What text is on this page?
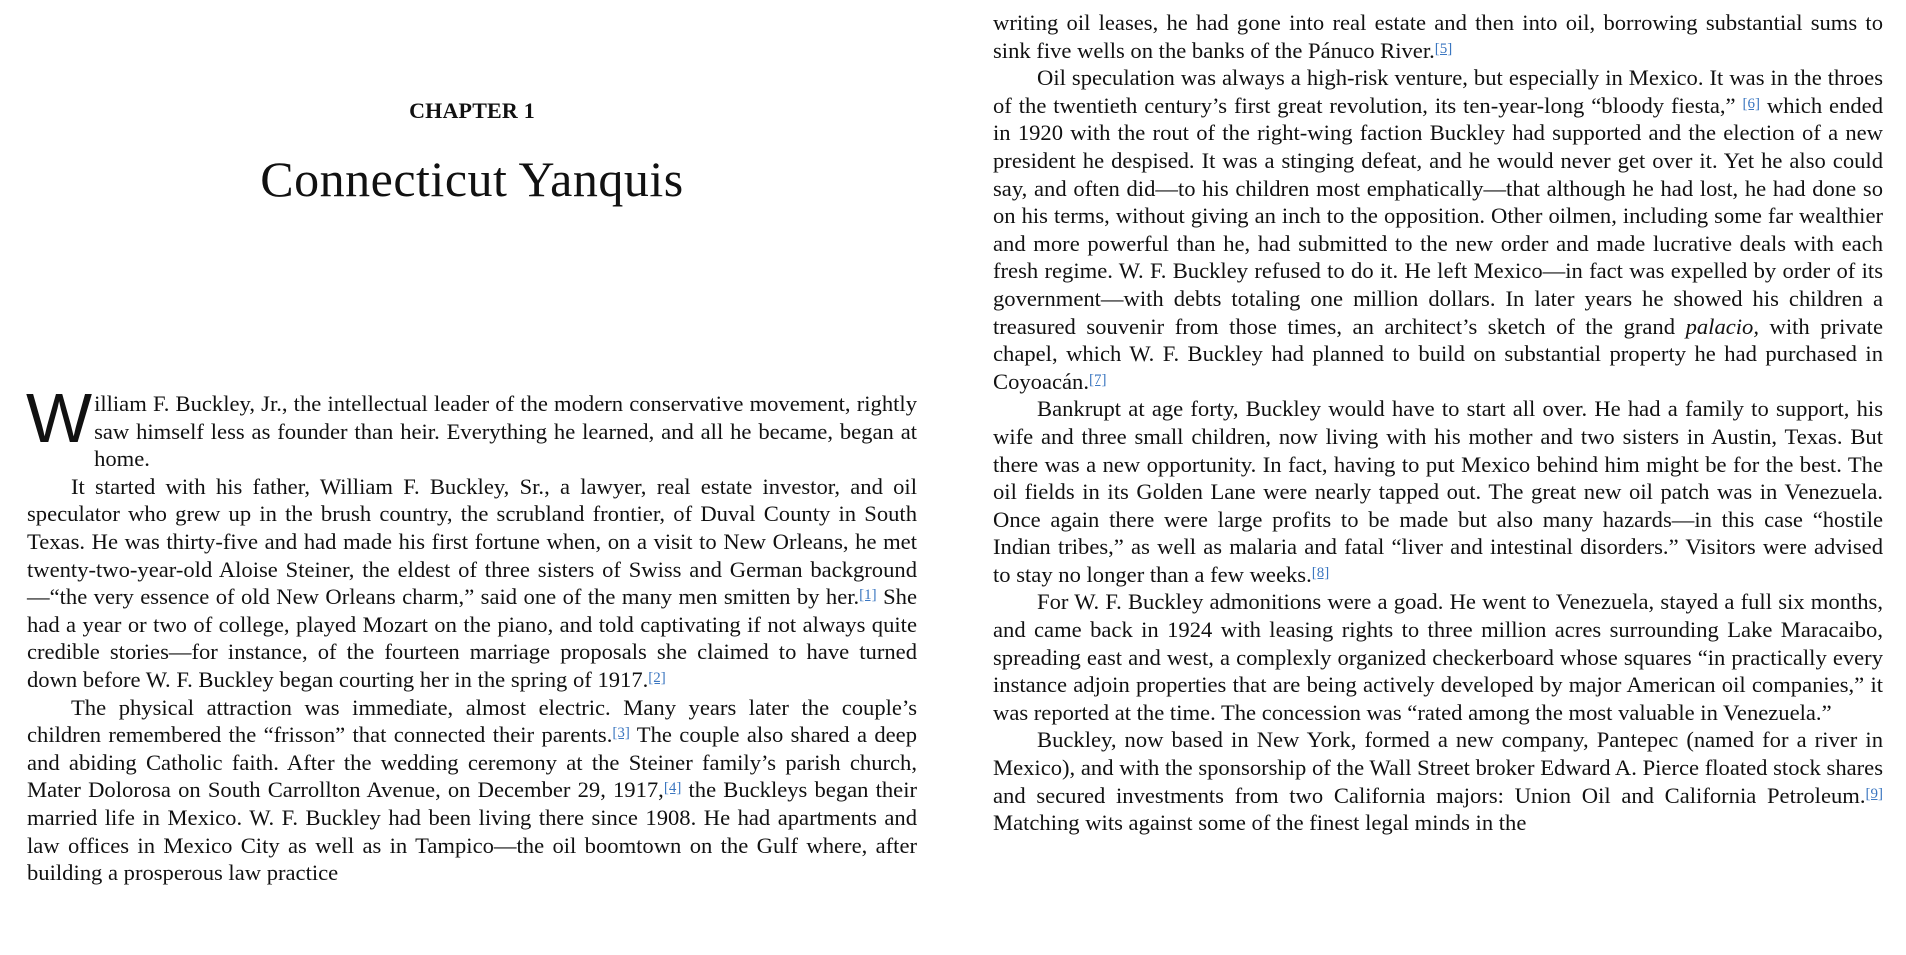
CHAPTER 1
Connecticut Yanquis

William F. Buckley, Jr., the intellectual leader of the modern conservative movement, rightly saw himself less as founder than heir. Everything he learned, and all he became, began at home.

It started with his father, William F. Buckley, Sr., a lawyer, real estate investor, and oil speculator who grew up in the brush country, the scrubland frontier, of Duval County in South Texas. He was thirty-five and had made his first fortune when, on a visit to New Orleans, he met twenty-two-year-old Aloise Steiner, the eldest of three sisters of Swiss and German background—“the very essence of old New Orleans charm,” said one of the many men smitten by her.[1] She had a year or two of college, played Mozart on the piano, and told captivating if not always quite credible stories—for instance, of the fourteen marriage proposals she claimed to have turned down before W. F. Buckley began courting her in the spring of 1917.[2]

The physical attraction was immediate, almost electric. Many years later the couple’s children remembered the “frisson” that connected their parents.[3] The couple also shared a deep and abiding Catholic faith. After the wedding ceremony at the Steiner family’s parish church, Mater Dolorosa on South Carrollton Avenue, on December 29, 1917,[4] the Buckleys began their married life in Mexico. W. F. Buckley had been living there since 1908. He had apartments and law offices in Mexico City as well as in Tampico—the oil boomtown on the Gulf where, after building a prosperous law practice

writing oil leases, he had gone into real estate and then into oil, borrowing substantial sums to sink five wells on the banks of the Pánuco River.[5]

Oil speculation was always a high-risk venture, but especially in Mexico. It was in the throes of the twentieth century’s first great revolution, its ten-year-long “bloody fiesta,” [6] which ended in 1920 with the rout of the right-wing faction Buckley had supported and the election of a new president he despised. It was a stinging defeat, and he would never get over it. Yet he also could say, and often did—to his children most emphatically—that although he had lost, he had done so on his terms, without giving an inch to the opposition. Other oilmen, including some far wealthier and more powerful than he, had submitted to the new order and made lucrative deals with each fresh regime. W. F. Buckley refused to do it. He left Mexico—in fact was expelled by order of its government—with debts totaling one million dollars. In later years he showed his children a treasured souvenir from those times, an architect’s sketch of the grand palacio, with private chapel, which W. F. Buckley had planned to build on substantial property he had purchased in Coyoacán.[7]

Bankrupt at age forty, Buckley would have to start all over. He had a family to support, his wife and three small children, now living with his mother and two sisters in Austin, Texas. But there was a new opportunity. In fact, having to put Mexico behind him might be for the best. The oil fields in its Golden Lane were nearly tapped out. The great new oil patch was in Venezuela. Once again there were large profits to be made but also many hazards—in this case “hostile Indian tribes,” as well as malaria and fatal “liver and intestinal disorders.” Visitors were advised to stay no longer than a few weeks.[8]

For W. F. Buckley admonitions were a goad. He went to Venezuela, stayed a full six months, and came back in 1924 with leasing rights to three million acres surrounding Lake Maracaibo, spreading east and west, a complexly organized checkerboard whose squares “in practically every instance adjoin properties that are being actively developed by major American oil companies,” it was reported at the time. The concession was “rated among the most valuable in Venezuela.”

Buckley, now based in New York, formed a new company, Pantepec (named for a river in Mexico), and with the sponsorship of the Wall Street broker Edward A. Pierce floated stock shares and secured investments from two California majors: Union Oil and California Petroleum.[9] Matching wits against some of the finest legal minds in the
